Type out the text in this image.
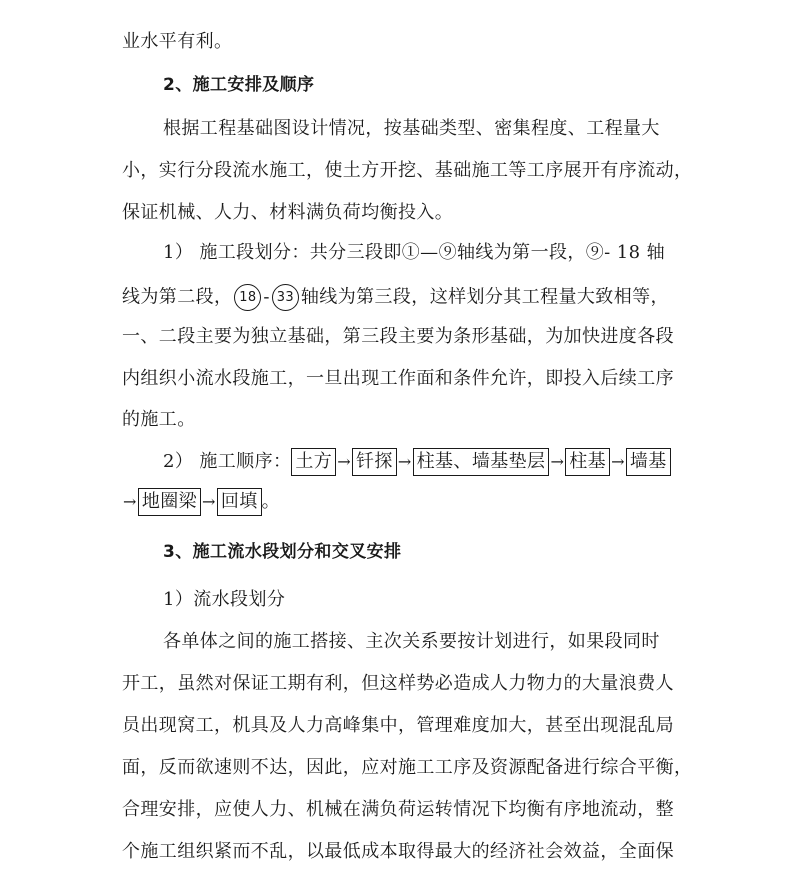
业水平有利。
2、施工安排及顺序
根据工程基础图设计情况，按基础类型、密集程度、工程量大
小，实行分段流水施工，使土方开挖、基础施工等工序展开有序流动，
保证机械、人力、材料满负荷均衡投入。
1） 施工段划分：共分三段即①—⑨轴线为第一段，⑨- 18 轴
线为第二段， 18 - 33 轴线为第三段，这样划分其工程量大致相等，
一、二段主要为独立基础，第三段主要为条形基础，为加快进度各段
内组织小流水段施工，一旦出现工作面和条件允许，即投入后续工序
的施工。
2） 施工顺序： 土方 → 钎探 → 柱基、墙基垫层 → 柱基 → 墙基
→ 地圈梁 → 回填 。
3、施工流水段划分和交叉安排
1）流水段划分
各单体之间的施工搭接、主次关系要按计划进行，如果段同时
开工，虽然对保证工期有利，但这样势必造成人力物力的大量浪费人
员出现窝工，机具及人力高峰集中，管理难度加大，甚至出现混乱局
面，反而欲速则不达，因此，应对施工工序及资源配备进行综合平衡，
合理安排，应使人力、机械在满负荷运转情况下均衡有序地流动，整
个施工组织紧而不乱，以最低成本取得最大的经济社会效益，全面保
